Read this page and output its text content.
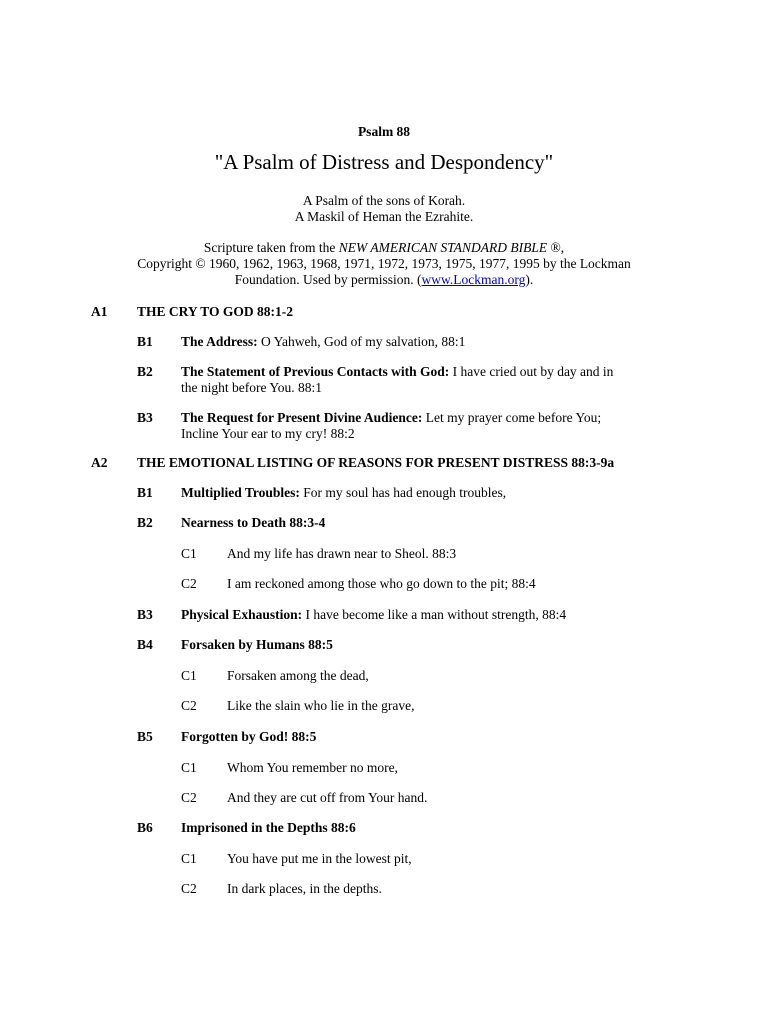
Psalm 88
"A Psalm of Distress and Despondency"
A Psalm of the sons of Korah.
A Maskil of Heman the Ezrahite.
Scripture taken from the NEW AMERICAN STANDARD BIBLE ®,
Copyright © 1960, 1962, 1963, 1968, 1971, 1972, 1973, 1975, 1977, 1995 by the Lockman
Foundation. Used by permission. (www.Lockman.org).
A1 THE CRY TO GOD 88:1-2
B1 The Address: O Yahweh, God of my salvation, 88:1
B2 The Statement of Previous Contacts with God: I have cried out by day and in
the night before You. 88:1
B3 The Request for Present Divine Audience: Let my prayer come before You;
Incline Your ear to my cry! 88:2
A2 THE EMOTIONAL LISTING OF REASONS FOR PRESENT DISTRESS 88:3-9a
B1 Multiplied Troubles: For my soul has had enough troubles,
B2 Nearness to Death 88:3-4
C1 And my life has drawn near to Sheol. 88:3
C2 I am reckoned among those who go down to the pit; 88:4
B3 Physical Exhaustion: I have become like a man without strength, 88:4
B4 Forsaken by Humans 88:5
C1 Forsaken among the dead,
C2 Like the slain who lie in the grave,
B5 Forgotten by God! 88:5
C1 Whom You remember no more,
C2 And they are cut off from Your hand.
B6 Imprisoned in the Depths 88:6
C1 You have put me in the lowest pit,
C2 In dark places, in the depths.
